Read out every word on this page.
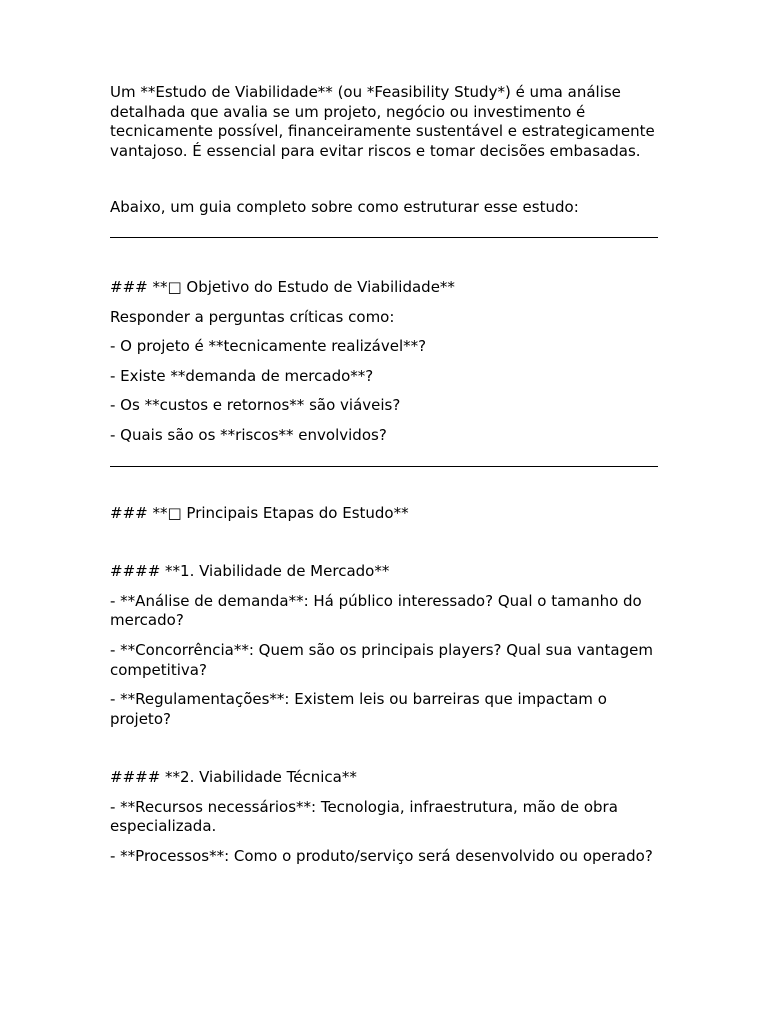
Um **Estudo de Viabilidade** (ou *Feasibility Study*) é uma análise detalhada que avalia se um projeto, negócio ou investimento é tecnicamente possível, financeiramente sustentável e estrategicamente vantajoso. É essencial para evitar riscos e tomar decisões embasadas.

Abaixo, um guia completo sobre como estruturar esse estudo:

### **□ Objetivo do Estudo de Viabilidade**

Responder a perguntas críticas como:

- O projeto é **tecnicamente realizável**?

- Existe **demanda de mercado**?

- Os **custos e retornos** são viáveis?

- Quais são os **riscos** envolvidos?

### **□ Principais Etapas do Estudo**

#### **1. Viabilidade de Mercado**

- **Análise de demanda**: Há público interessado? Qual o tamanho do mercado?

- **Concorrência**: Quem são os principais players? Qual sua vantagem competitiva?

- **Regulamentações**: Existem leis ou barreiras que impactam o projeto?

#### **2. Viabilidade Técnica**

- **Recursos necessários**: Tecnologia, infraestrutura, mão de obra especializada.

- **Processos**: Como o produto/serviço será desenvolvido ou operado?
